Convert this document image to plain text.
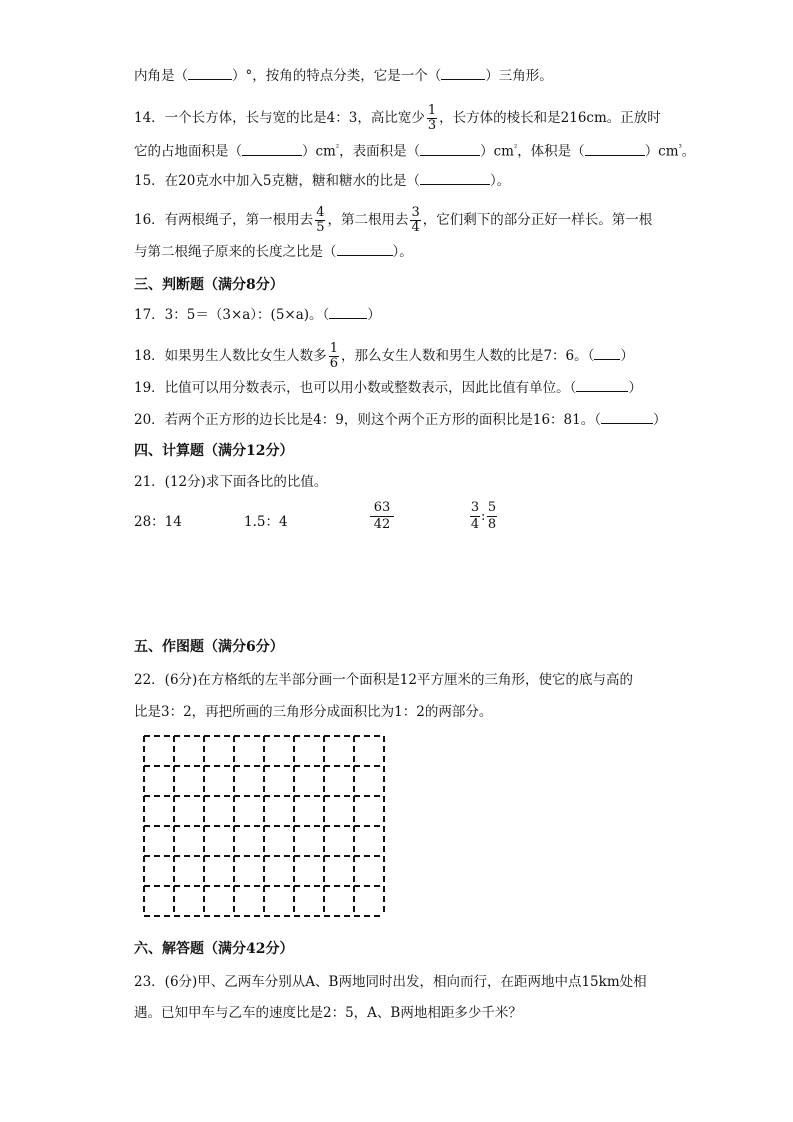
内角是（	）°，按角的特点分类，它是一个（	）三角形。
14．一个长方体，长与宽的比是4：3，高比宽少 $\frac{1}{3}$ ，长方体的棱长和是216cm。正放时
它的占地面积是（	）$cm^{^2}$，表面积是（	）$cm^{^2}$，体积是（	）$cm^{^3}$。
15．在20克水中加入5克糖，糖和糖水的比是（	）。
16．有两根绳子，第一根用去 $\frac{4}{5}$ ，第二根用去 $\frac{3}{4}$ ，它们剩下的部分正好一样长。第一根
与第二根绳子原来的长度之比是（	）。
三、判断题（满分8分）
17．3：5＝（3×a）：(5×a)。（	）
18．如果男生人数比女生人数多 $\frac{1}{6}$ ，那么女生人数和男生人数的比是7：6。（ ）
19．比值可以用分数表示，也可以用小数或整数表示，因此比值有单位。（	）
20．若两个正方形的边长比是4：9，则这个两个正方形的面积比是16：81。（	）
四、计算题（满分12分）
21．(12分)求下面各比的比值。
28：14	1.5：4	$\frac{63}{42}$	$\frac{3}{4}$ : $\frac{5}{8}$
五、作图题（满分6分）
22．(6分)在方格纸的左半部分画一个面积是12平方厘米的三角形，使它的底与高的
比是3：2，再把所画的三角形分成面积比为1：2的两部分。
六、解答题（满分42分）
23．(6分)甲、乙两车分别从A、B两地同时出发，相向而行，在距两地中点15km处相
遇。已知甲车与乙车的速度比是2：5，A、B两地相距多少千米？
